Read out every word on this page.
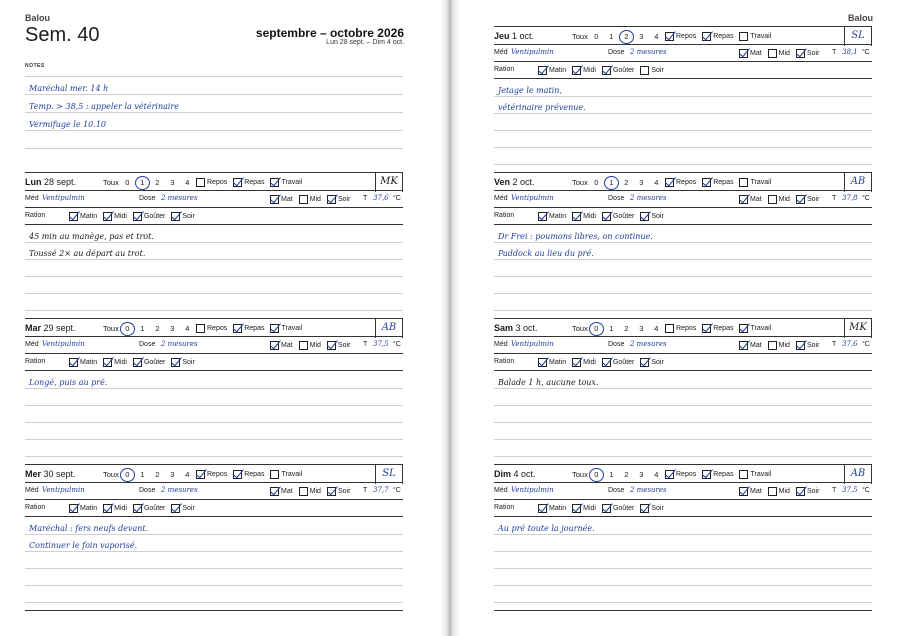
Balou
Sem. 40	septembre – octobre 2026
Lun 28 sept. – Dim 4 oct.
NOTES
Maréchal mer. 14 h
Temp. > 38,5 : appeler la vétérinaire
Vermifuge le 10.10
Balou
Lun 28 sept.	Toux 0	1	2	3	4	Repos Repas Travail	MK
Méd Ventipulmin	Dose 2 mesures	Mat Mid Soir T 37,6 °C
Ration	Matin Midi Goûter Soir
45 min au manège, pas et trot.
Toussé 2× au départ au trot.
Mar 29 sept.	Toux 0	1	2	3	4	Repos Repas Travail	AB
Méd Ventipulmin	Dose 2 mesures	Mat Mid Soir T 37,5 °C
Ration	Matin Midi Goûter Soir
Longé, puis au pré.
Mer 30 sept.	Toux 0	1	2	3	4	Repos Repas Travail	SL
Méd Ventipulmin	Dose 2 mesures	Mat Mid Soir T 37,7 °C
Ration	Matin Midi Goûter Soir
Maréchal : fers neufs devant.
Continuer le foin vaporisé.
Jeu 1 oct.	Toux 0	1	2	3	4	Repos Repas Travail	SL
Méd Ventipulmin	Dose 2 mesures	Mat Mid Soir T 38,1 °C
Ration	Matin Midi Goûter Soir
Jetage le matin,
vétérinaire prévenue.
Ven 2 oct.	Toux 0	1	2	3	4	Repos Repas Travail	AB
Méd Ventipulmin	Dose 2 mesures	Mat Mid Soir T 37,8 °C
Ration	Matin Midi Goûter Soir
Dr Frei : poumons libres, on continue.
Paddock au lieu du pré.
Sam 3 oct.	Toux 0	1	2	3	4	Repos Repas Travail	MK
Méd Ventipulmin	Dose 2 mesures	Mat Mid Soir T 37,6 °C
Ration	Matin Midi Goûter Soir
Balade 1 h, aucune toux.
Dim 4 oct.	Toux 0	1	2	3	4	Repos Repas Travail	AB
Méd Ventipulmin	Dose 2 mesures	Mat Mid Soir T 37,5 °C
Ration	Matin Midi Goûter Soir
Au pré toute la journée.
